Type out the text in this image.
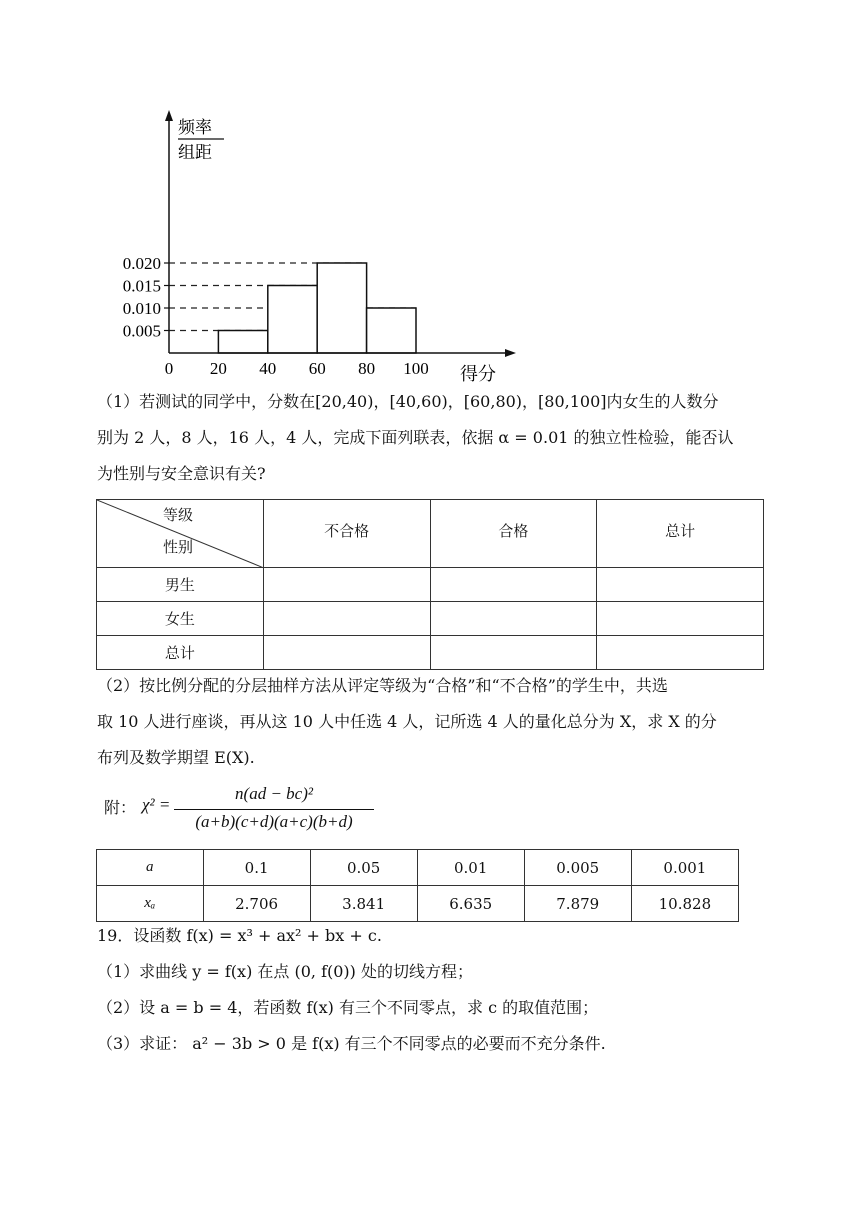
0.005
0.010
0.015
0.020
0 20 40 60 80 100 得分
频率
组距
（1）若测试的同学中，分数在[20,40)，[40,60)，[60,80)，[80,100]内女生的人数分
别为 2 人，8 人，16 人，4 人，完成下面列联表，依据 α = 0.01 的独立性检验，能否认
为性别与安全意识有关?
等级
性别	不合格	合格	总计
男生			
女生			
总计			
（2）按比例分配的分层抽样方法从评定等级为“合格”和“不合格”的学生中，共选
取 10 人进行座谈，再从这 10 人中任选 4 人，记所选 4 人的量化总分为 X，求 X 的分
布列及数学期望 E(X).
附： χ² =
n(ad − bc)²
(a+b)(c+d)(a+c)(b+d)
a	0.1	0.05	0.01	0.005	0.001
xₐ	2.706	3.841	6.635	7.879	10.828
19．设函数 f(x) = x³ + ax² + bx + c.
（1）求曲线 y = f(x) 在点 (0, f(0)) 处的切线方程；
（2）设 a = b = 4，若函数 f(x) 有三个不同零点，求 c 的取值范围；
（3）求证： a² − 3b > 0 是 f(x) 有三个不同零点的必要而不充分条件.
